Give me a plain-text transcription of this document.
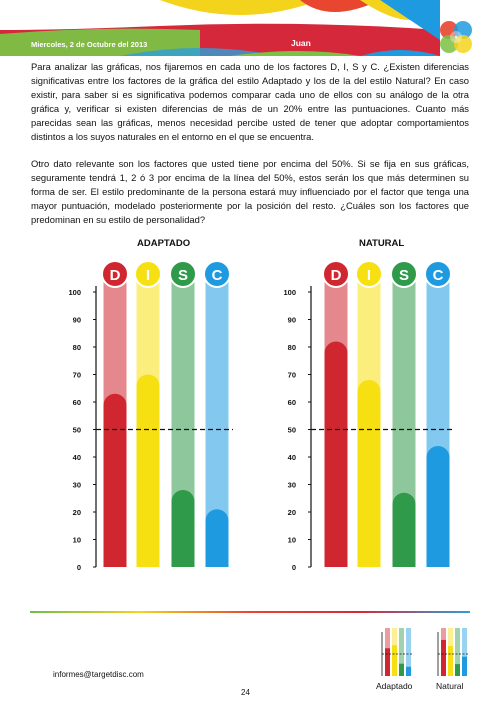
Miercoles, 2 de Octubre del 2013	Juan
Para analizar las gráficas, nos fijaremos en cada uno de los factores D, I, S y C. ¿Existen diferencias significativas entre los factores de la gráfica del estilo Adaptado y los de la del estilo Natural? En caso existir, para saber si es significativa podemos comparar cada uno de ellos con su análogo de la otra gráfica y, verificar si existen diferencias de más de un 20% entre las puntuaciones. Cuanto más parecidas sean las gráficas, menos necesidad percibe usted de tener que adoptar comportamientos distintos a los suyos naturales en el entorno en el que se encuentra.
Otro dato relevante son los factores que usted tiene por encima del 50%. Si se fija en sus gráficas, seguramente tendrá 1, 2 ó 3 por encima de la línea del 50%, estos serán los que más determinen su forma de ser. El estilo predominante de la persona estará muy influenciado por el factor que tenga una mayor puntuación, modelado posteriormente por la posición del resto. ¿Cuáles son los factores que predominan en su estilo de personalidad?
ADAPTADO	NATURAL
0
10
20
30
40
50
60
70
80
90
100
D I S C
0
10
20
30
40
50
60
70
80
90
100
D I S C
informes@targetdisc.com
24
Adaptado	Natural
